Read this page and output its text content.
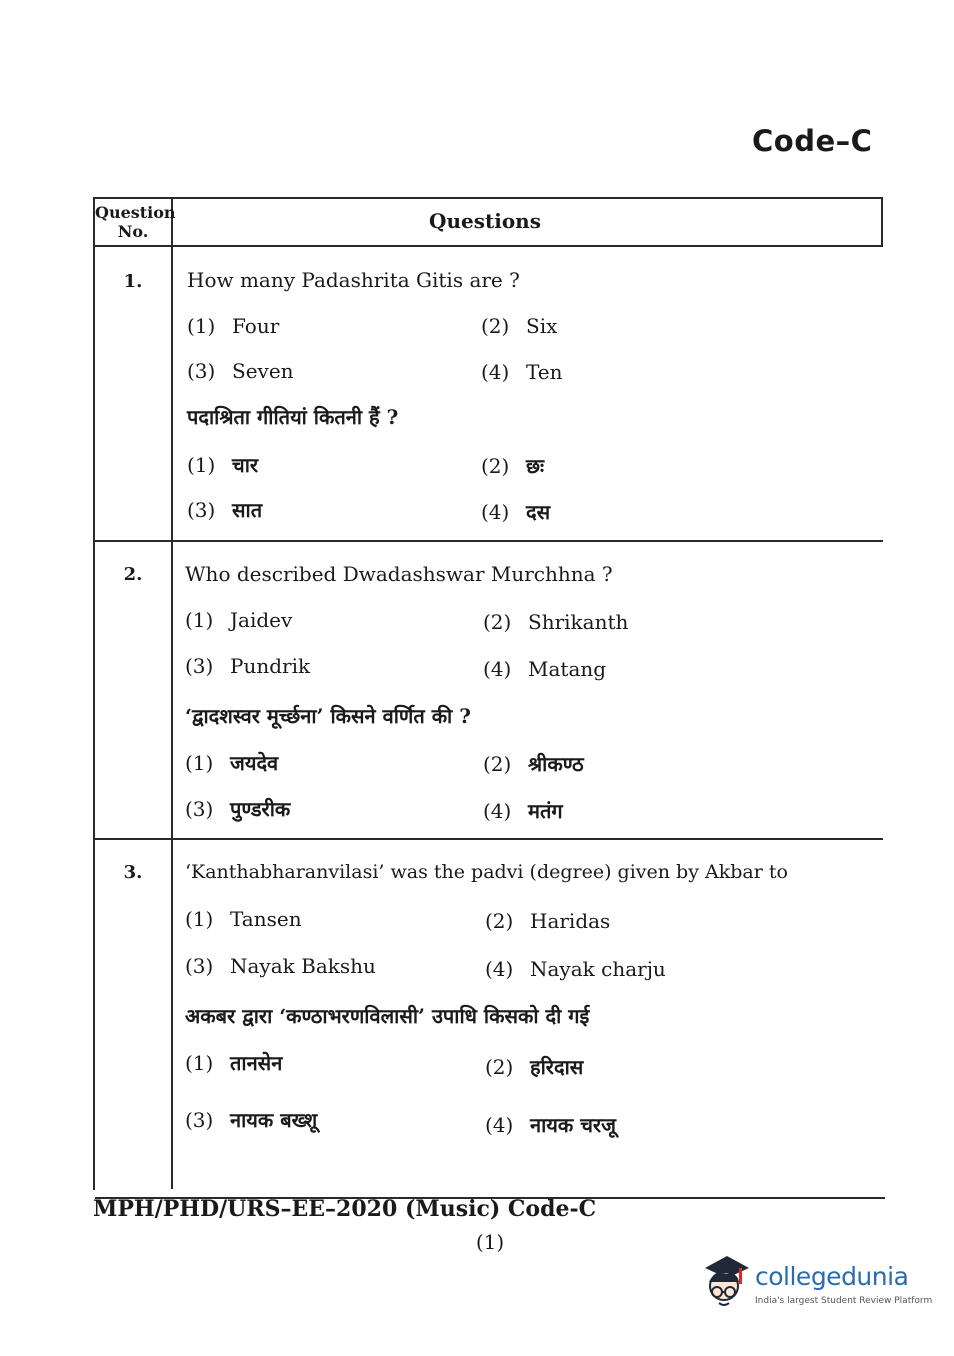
Code–C
Question
No.	Questions
1.	How many Padashrita Gitis are ?
(1) Four	(2) Six
(3) Seven	(4) Ten
पदाश्रिता गीतियां कितनी हैं ?
(1) चार	(2) छः
(3) सात	(4) दस
2.	Who described Dwadashswar Murchhna ?
(1) Jaidev	(2) Shrikanth
(3) Pundrik	(4) Matang
‘द्वादशस्वर मूर्च्छना’ किसने वर्णित की ?
(1) जयदेव	(2) श्रीकण्ठ
(3) पुण्डरीक	(4) मतंग
3.	‘Kanthabharanvilasi’ was the padvi (degree) given by Akbar to
(1) Tansen	(2) Haridas
(3) Nayak Bakshu	(4) Nayak charju
अकबर द्वारा ‘कण्ठाभरणविलासी’ उपाधि किसको दी गई
(1) तानसेन	(2) हरिदास
(3) नायक बख्शू	(4) नायक चरजू
MPH/PHD/URS–EE–2020 (Music) Code-C
(1)
collegedunia
India's largest Student Review Platform
